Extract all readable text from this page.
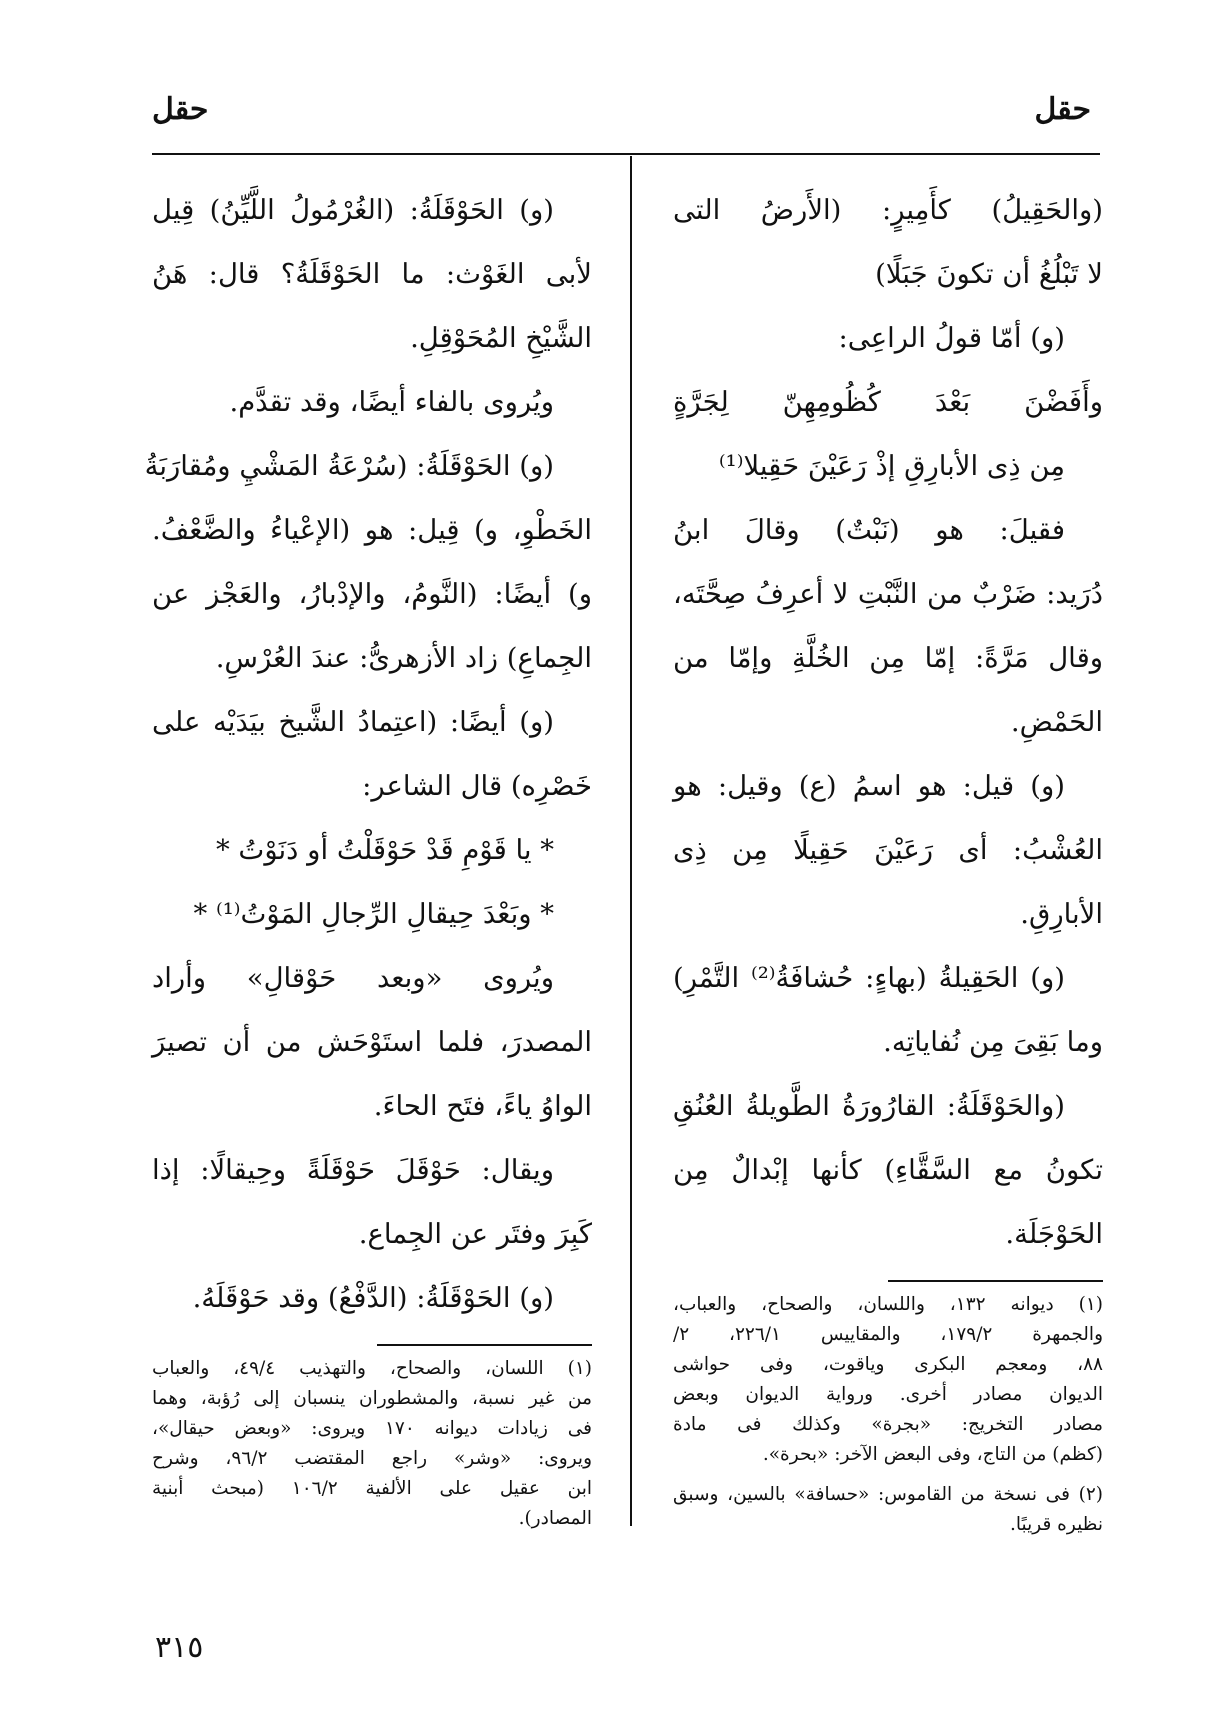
حقل
حقل
(والحَقِيلُ) كأَمِيرٍ: (الأَرضُ التى
لا تَبْلُغُ أن تكونَ جَبَلًا)
(و) أمّا قولُ الراعِى:
وأَفَضْنَ بَعْدَ كُظُومِهِنّ لِجَرَّةٍ
مِن ذِى الأبارِقِ إذْ رَعَيْنَ حَقِيلا⁽¹⁾
فقيلَ: هو (نَبْتٌ) وقالَ ابنُ
دُرَيد: ضَرْبٌ من النَّبْتِ لا أعرِفُ صِحَّتَه،
وقال مَرَّةً: إمّا مِن الخُلَّةِ وإمّا من
الحَمْضِ.
(و) قيل: هو اسمُ (ع) وقيل: هو
العُشْبُ: أى رَعَيْنَ حَقِيلًا مِن ذِى
الأبارِقِ.
(و) الحَقِيلةُ (بهاءٍ: حُشافَةُ⁽²⁾ التَّمْرِ)
وما بَقِىَ مِن نُفاياتِه.
(والحَوْقَلَةُ: القارُورَةُ الطَّويلةُ العُنُقِ
تكونُ مع السَّقَّاءِ) كأنها إبْدالٌ مِن
الحَوْجَلَة.
(١) ديوانه ١٣٢، واللسان، والصحاح، والعباب،
والجمهرة ١٧٩/٢، والمقاييس ٢٢٦/١، ٢/
٨٨، ومعجم البكرى وياقوت، وفى حواشى
الديوان مصادر أخرى. ورواية الديوان وبعض
مصادر التخريج: «بجرة» وكذلك فى مادة
(كظم) من التاج، وفى البعض الآخر: «بحرة».
(٢) فى نسخة من القاموس: «حسافة» بالسين، وسبق
نظيره قريبًا.
(و) الحَوْقَلَةُ: (الغُرْمُولُ اللَّيِّنُ) قِيل
لأبى الغَوْث: ما الحَوْقَلَةُ؟ قال: هَنُ
الشَّيْخِ المُحَوْقِلِ.
ويُروى بالفاء أيضًا، وقد تقدَّم.
(و) الحَوْقَلَةُ: (سُرْعَةُ المَشْيِ ومُقارَبَةُ
الخَطْوِ، و) قِيل: هو (الإعْياءُ والضَّعْفُ.
و) أيضًا: (النَّومُ، والإدْبارُ، والعَجْز عن
الجِماعِ) زاد الأزهرىُّ: عندَ العُرْسِ.
(و) أيضًا: (اعتِمادُ الشَّيخ بيَدَيْه على
خَصْرِه) قال الشاعر:
* يا قَوْمِ قَدْ حَوْقَلْتُ أو دَنَوْتُ *
* وبَعْدَ حِيقالِ الرِّجالِ المَوْتُ⁽¹⁾ *
ويُروى «وبعد حَوْقالِ» وأراد
المصدرَ، فلما استَوْحَش من أن تصيرَ
الواوُ ياءً، فتَح الحاءَ.
ويقال: حَوْقَلَ حَوْقَلَةً وحِيقالًا: إذا
كَبِرَ وفتَر عن الجِماع.
(و) الحَوْقَلَةُ: (الدَّفْعُ) وقد حَوْقَلَهُ.
(١) اللسان، والصحاح، والتهذيب ٤٩/٤، والعباب
من غير نسبة، والمشطوران ينسبان إلى رُؤبة، وهما
فى زيادات ديوانه ١٧٠ ويروى: «وبعض حيقال»،
ويروى: «وشر» راجع المقتضب ٩٦/٢، وشرح
ابن عقيل على الألفية ١٠٦/٢ (مبحث أبنية
المصادر).
٣١٥
